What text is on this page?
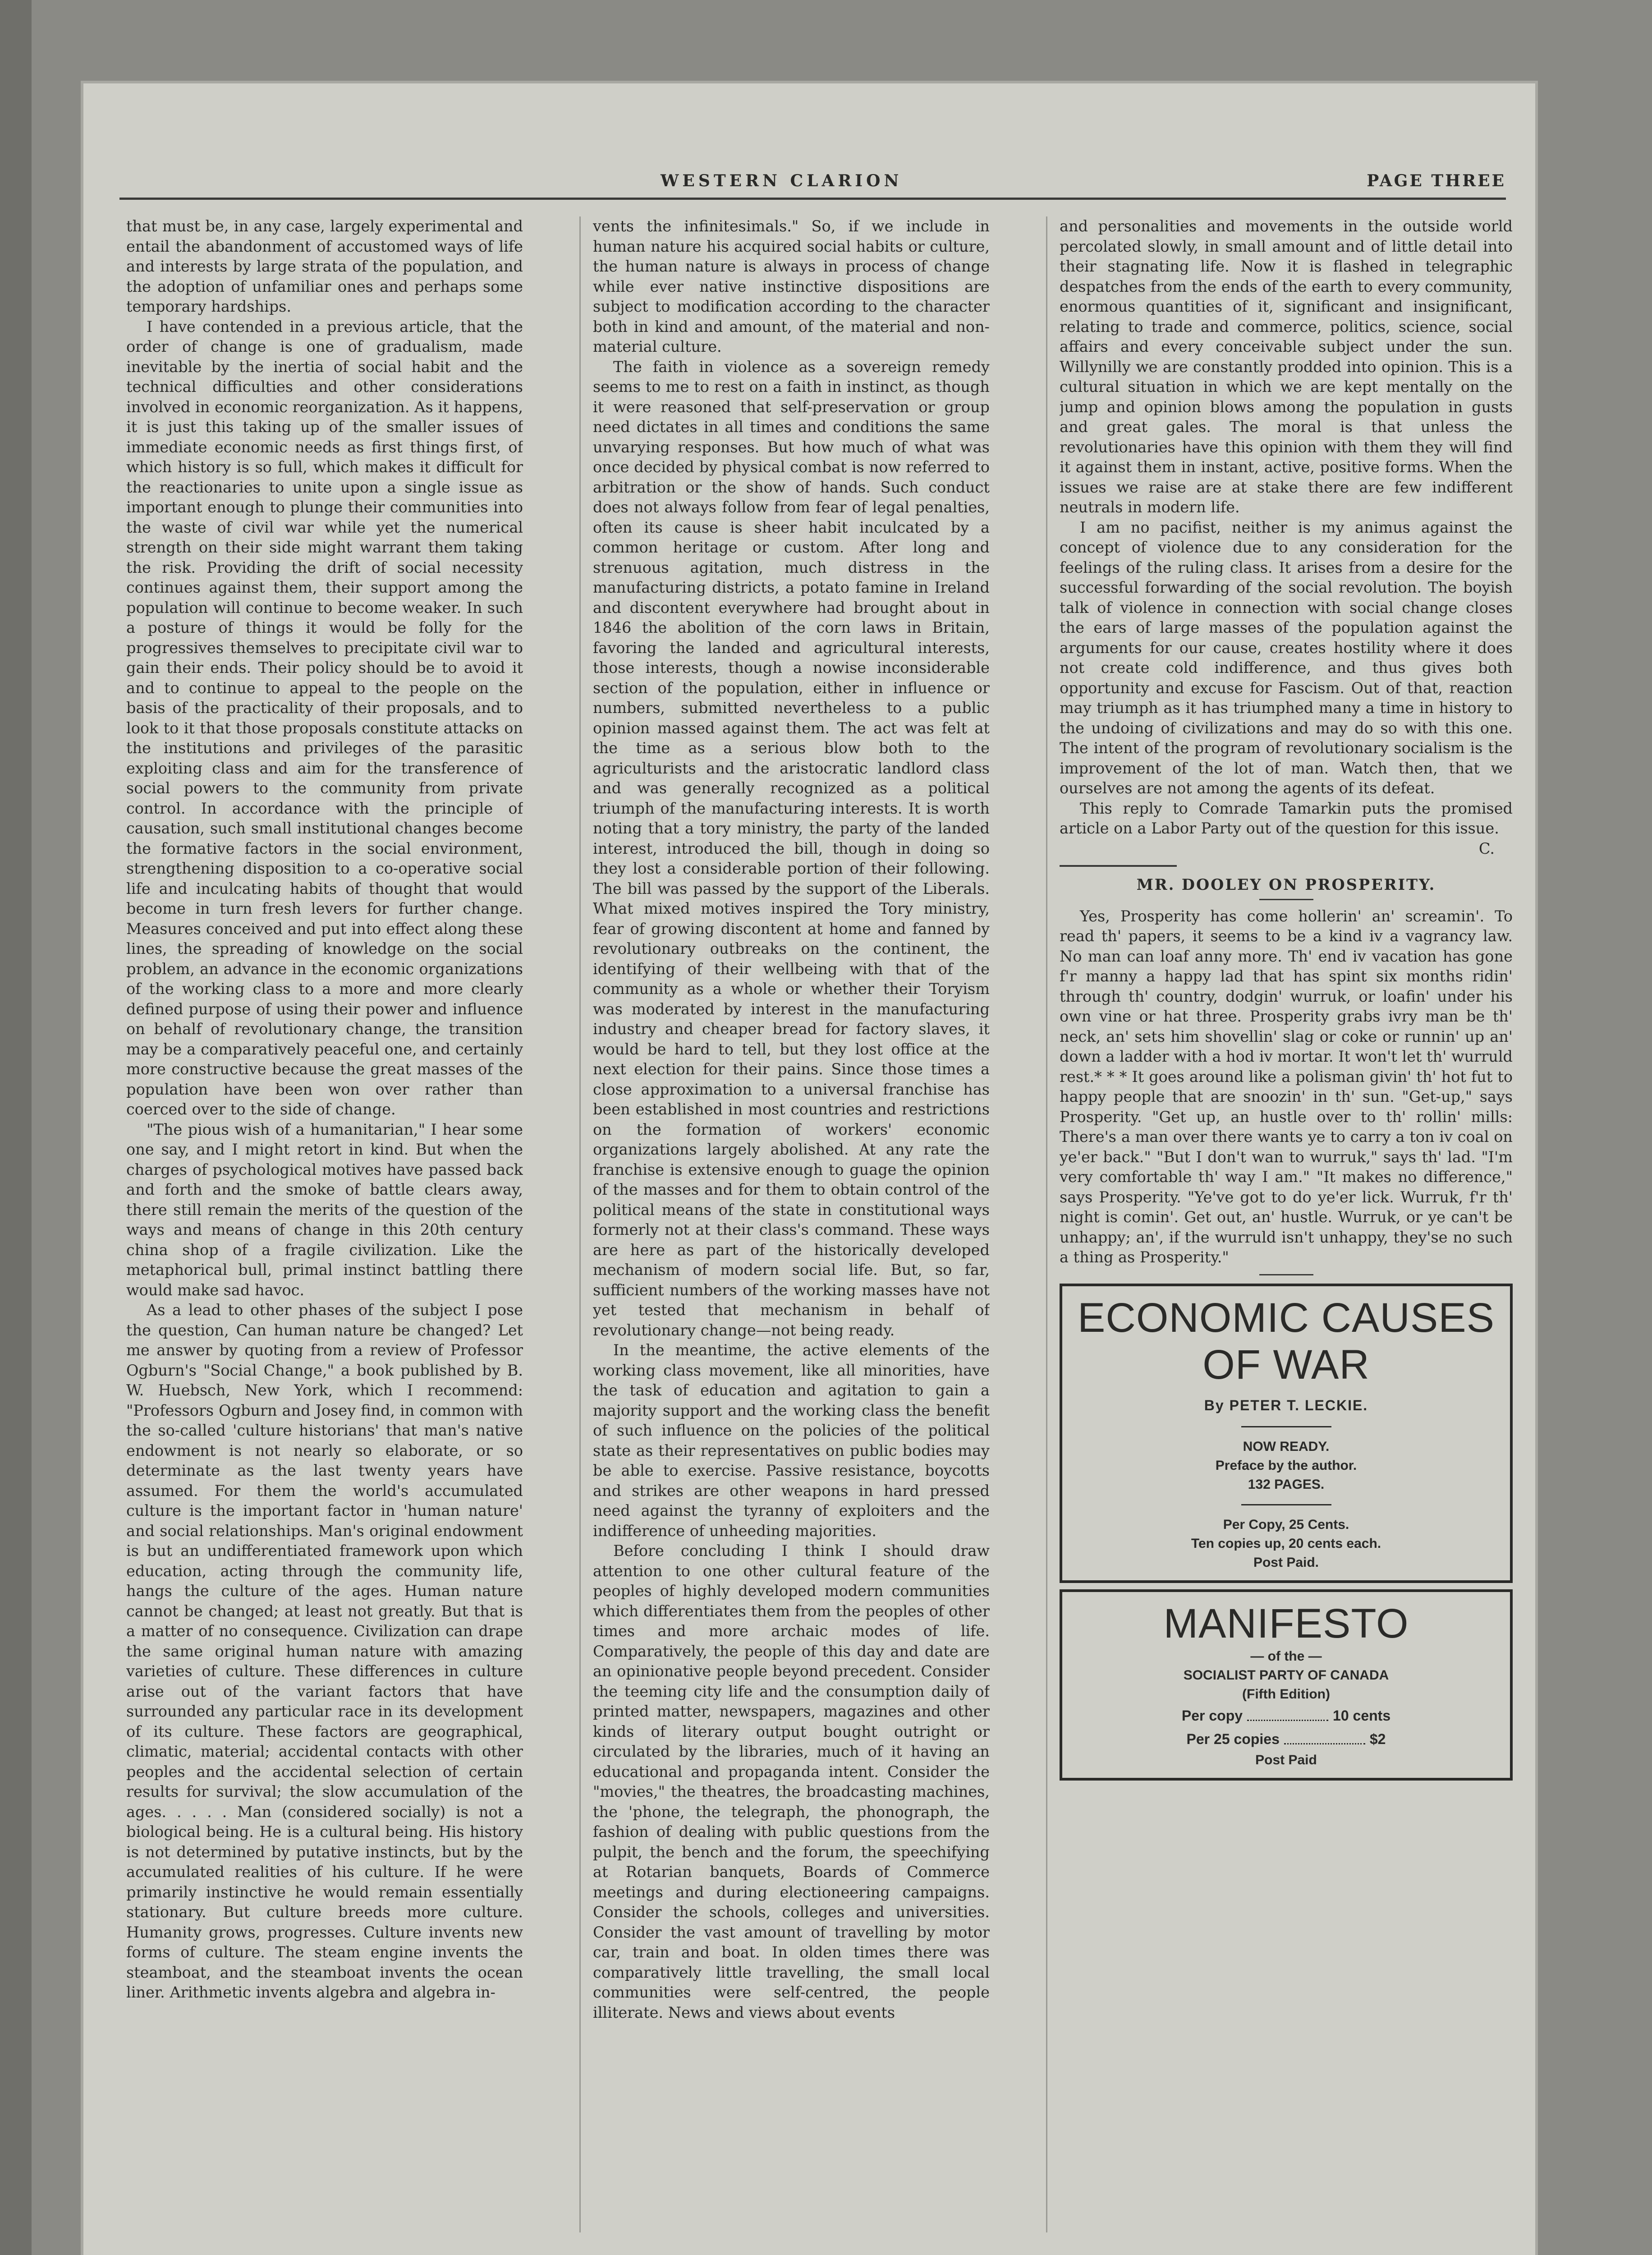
WESTERN CLARION	PAGE THREE

that must be, in any case, largely experimental and entail the abandonment of accustomed ways of life and interests by large strata of the population, and the adoption of unfamiliar ones and perhaps some temporary hardships.

I have contended in a previous article, that the order of change is one of gradualism, made inevitable by the inertia of social habit and the technical difficulties and other considerations involved in economic reorganization. As it happens, it is just this taking up of the smaller issues of immediate economic needs as first things first, of which history is so full, which makes it difficult for the reactionaries to unite upon a single issue as important enough to plunge their communities into the waste of civil war while yet the numerical strength on their side might warrant them taking the risk. Providing the drift of social necessity continues against them, their support among the population will continue to become weaker. In such a posture of things it would be folly for the progressives themselves to precipitate civil war to gain their ends. Their policy should be to avoid it and to continue to appeal to the people on the basis of the practicality of their proposals, and to look to it that those proposals constitute attacks on the institutions and privileges of the parasitic exploiting class and aim for the transference of social powers to the community from private control. In accordance with the principle of causation, such small institutional changes become the formative factors in the social environment, strengthening disposition to a co-operative social life and inculcating habits of thought that would become in turn fresh levers for further change. Measures conceived and put into effect along these lines, the spreading of knowledge on the social problem, an advance in the economic organizations of the working class to a more and more clearly defined purpose of using their power and influence on behalf of revolutionary change, the transition may be a comparatively peaceful one, and certainly more constructive because the great masses of the population have been won over rather than coerced over to the side of change.

"The pious wish of a humanitarian," I hear some one say, and I might retort in kind. But when the charges of psychological motives have passed back and forth and the smoke of battle clears away, there still remain the merits of the question of the ways and means of change in this 20th century china shop of a fragile civilization. Like the metaphorical bull, primal instinct battling there would make sad havoc.

As a lead to other phases of the subject I pose the question, Can human nature be changed? Let me answer by quoting from a review of Professor Ogburn's "Social Change," a book published by B. W. Huebsch, New York, which I recommend: "Professors Ogburn and Josey find, in common with the so-called 'culture historians' that man's native endowment is not nearly so elaborate, or so determinate as the last twenty years have assumed. For them the world's accumulated culture is the important factor in 'human nature' and social relationships. Man's original endowment is but an undifferentiated framework upon which education, acting through the community life, hangs the culture of the ages. Human nature cannot be changed; at least not greatly. But that is a matter of no consequence. Civilization can drape the same original human nature with amazing varieties of culture. These differences in culture arise out of the variant factors that have surrounded any particular race in its development of its culture. These factors are geographical, climatic, material; accidental contacts with other peoples and the accidental selection of certain results for survival; the slow accumulation of the ages. . . . . Man (considered socially) is not a biological being. He is a cultural being. His history is not determined by putative instincts, but by the accumulated realities of his culture. If he were primarily instinctive he would remain essentially stationary. But culture breeds more culture. Humanity grows, progresses. Culture invents new forms of culture. The steam engine invents the steamboat, and the steamboat invents the ocean liner. Arithmetic invents algebra and algebra in-

vents the infinitesimals." So, if we include in human nature his acquired social habits or culture, the human nature is always in process of change while ever native instinctive dispositions are subject to modification according to the character both in kind and amount, of the material and non-material culture.

The faith in violence as a sovereign remedy seems to me to rest on a faith in instinct, as though it were reasoned that self-preservation or group need dictates in all times and conditions the same unvarying responses. But how much of what was once decided by physical combat is now referred to arbitration or the show of hands. Such conduct does not always follow from fear of legal penalties, often its cause is sheer habit inculcated by a common heritage or custom. After long and strenuous agitation, much distress in the manufacturing districts, a potato famine in Ireland and discontent everywhere had brought about in 1846 the abolition of the corn laws in Britain, favoring the landed and agricultural interests, those interests, though a nowise inconsiderable section of the population, either in influence or numbers, submitted nevertheless to a public opinion massed against them. The act was felt at the time as a serious blow both to the agriculturists and the aristocratic landlord class and was generally recognized as a political triumph of the manufacturing interests. It is worth noting that a tory ministry, the party of the landed interest, introduced the bill, though in doing so they lost a considerable portion of their following. The bill was passed by the support of the Liberals. What mixed motives inspired the Tory ministry, fear of growing discontent at home and fanned by revolutionary outbreaks on the continent, the identifying of their wellbeing with that of the community as a whole or whether their Toryism was moderated by interest in the manufacturing industry and cheaper bread for factory slaves, it would be hard to tell, but they lost office at the next election for their pains. Since those times a close approximation to a universal franchise has been established in most countries and restrictions on the formation of workers' economic organizations largely abolished. At any rate the franchise is extensive enough to guage the opinion of the masses and for them to obtain control of the political means of the state in constitutional ways formerly not at their class's command. These ways are here as part of the historically developed mechanism of modern social life. But, so far, sufficient numbers of the working masses have not yet tested that mechanism in behalf of revolutionary change—not being ready.

In the meantime, the active elements of the working class movement, like all minorities, have the task of education and agitation to gain a majority support and the working class the benefit of such influence on the policies of the political state as their representatives on public bodies may be able to exercise. Passive resistance, boycotts and strikes are other weapons in hard pressed need against the tyranny of exploiters and the indifference of unheeding majorities.

Before concluding I think I should draw attention to one other cultural feature of the peoples of highly developed modern communities which differentiates them from the peoples of other times and more archaic modes of life. Comparatively, the people of this day and date are an opinionative people beyond precedent. Consider the teeming city life and the consumption daily of printed matter, newspapers, magazines and other kinds of literary output bought outright or circulated by the libraries, much of it having an educational and propaganda intent. Consider the "movies," the theatres, the broadcasting machines, the 'phone, the telegraph, the phonograph, the fashion of dealing with public questions from the pulpit, the bench and the forum, the speechifying at Rotarian banquets, Boards of Commerce meetings and during electioneering campaigns. Consider the schools, colleges and universities. Consider the vast amount of travelling by motor car, train and boat. In olden times there was comparatively little travelling, the small local communities were self-centred, the people illiterate. News and views about events

and personalities and movements in the outside world percolated slowly, in small amount and of little detail into their stagnating life. Now it is flashed in telegraphic despatches from the ends of the earth to every community, enormous quantities of it, significant and insignificant, relating to trade and commerce, politics, science, social affairs and every conceivable subject under the sun. Willynilly we are constantly prodded into opinion. This is a cultural situation in which we are kept mentally on the jump and opinion blows among the population in gusts and great gales. The moral is that unless the revolutionaries have this opinion with them they will find it against them in instant, active, positive forms. When the issues we raise are at stake there are few indifferent neutrals in modern life.

I am no pacifist, neither is my animus against the concept of violence due to any consideration for the feelings of the ruling class. It arises from a desire for the successful forwarding of the social revolution. The boyish talk of violence in connection with social change closes the ears of large masses of the population against the arguments for our cause, creates hostility where it does not create cold indifference, and thus gives both opportunity and excuse for Fascism. Out of that, reaction may triumph as it has triumphed many a time in history to the undoing of civilizations and may do so with this one. The intent of the program of revolutionary socialism is the improvement of the lot of man. Watch then, that we ourselves are not among the agents of its defeat.

This reply to Comrade Tamarkin puts the promised article on a Labor Party out of the question for this issue.

C.
MR. DOOLEY ON PROSPERITY.

Yes, Prosperity has come hollerin' an' screamin'. To read th' papers, it seems to be a kind iv a vagrancy law. No man can loaf anny more. Th' end iv vacation has gone f'r manny a happy lad that has spint six months ridin' through th' country, dodgin' wurruk, or loafin' under his own vine or hat three. Prosperity grabs ivry man be th' neck, an' sets him shovellin' slag or coke or runnin' up an' down a ladder with a hod iv mortar. It won't let th' wurruld rest.* * * It goes around like a polisman givin' th' hot fut to happy people that are snoozin' in th' sun. "Get-up," says Prosperity. "Get up, an hustle over to th' rollin' mills: There's a man over there wants ye to carry a ton iv coal on ye'er back." "But I don't wan to wurruk," says th' lad. "I'm very comfortable th' way I am." "It makes no difference," says Prosperity. "Ye've got to do ye'er lick. Wurruk, f'r th' night is comin'. Get out, an' hustle. Wurruk, or ye can't be unhappy; an', if the wurruld isn't unhappy, they'se no such a thing as Prosperity."

ECONOMIC CAUSES
OF WAR
By PETER T. LECKIE.
NOW READY.
Preface by the author.
132 PAGES.
Per Copy, 25 Cents.
Ten copies up, 20 cents each.
Post Paid.
MANIFESTO
— of the —
SOCIALIST PARTY OF CANADA
(Fifth Edition)
Per copy	10 cents
Per 25 copies	$2
Post Paid
